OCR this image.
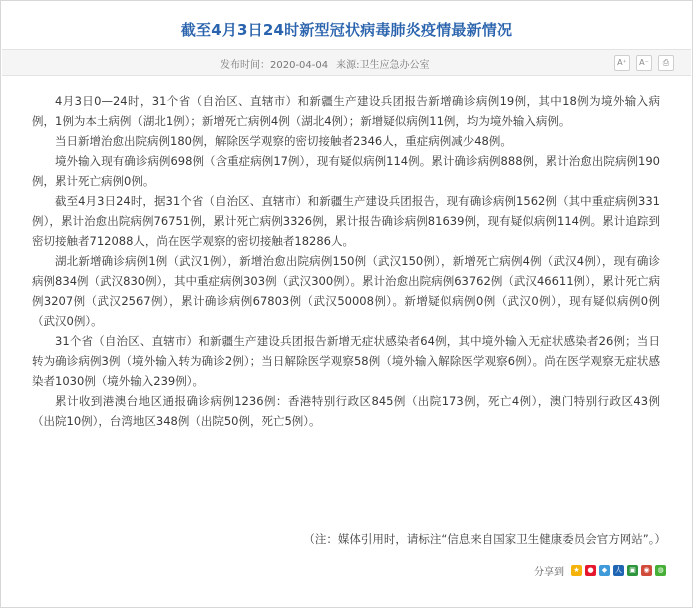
截至4月3日24时新型冠状病毒肺炎疫情最新情况
发布时间：2020-04-04 来源:卫生应急办公室	A⁺	A⁻	⎙

4月3日0—24时，31个省（自治区、直辖市）和新疆生产建设兵团报告新增确诊病例19例，其中18例为境外输入病例，1例为本土病例（湖北1例）；新增死亡病例4例（湖北4例）；新增疑似病例11例，均为境外输入病例。

当日新增治愈出院病例180例，解除医学观察的密切接触者2346人，重症病例减少48例。

境外输入现有确诊病例698例（含重症病例17例），现有疑似病例114例。累计确诊病例888例，累计治愈出院病例190例，累计死亡病例0例。

截至4月3日24时，据31个省（自治区、直辖市）和新疆生产建设兵团报告，现有确诊病例1562例（其中重症病例331例），累计治愈出院病例76751例，累计死亡病例3326例，累计报告确诊病例81639例，现有疑似病例114例。累计追踪到密切接触者712088人，尚在医学观察的密切接触者18286人。

湖北新增确诊病例1例（武汉1例），新增治愈出院病例150例（武汉150例），新增死亡病例4例（武汉4例），现有确诊病例834例（武汉830例），其中重症病例303例（武汉300例）。累计治愈出院病例63762例（武汉46611例），累计死亡病例3207例（武汉2567例），累计确诊病例67803例（武汉50008例）。新增疑似病例0例（武汉0例），现有疑似病例0例（武汉0例）。

31个省（自治区、直辖市）和新疆生产建设兵团报告新增无症状感染者64例，其中境外输入无症状感染者26例；当日转为确诊病例3例（境外输入转为确诊2例）；当日解除医学观察58例（境外输入解除医学观察6例）。尚在医学观察无症状感染者1030例（境外输入239例）。

累计收到港澳台地区通报确诊病例1236例：香港特别行政区845例（出院173例，死亡4例），澳门特别行政区43例（出院10例），台湾地区348例（出院50例，死亡5例）。

（注：媒体引用时，请标注“信息来自国家卫生健康委员会官方网站”。）
分享到	★	●	◆	人	▣	◉	◍
